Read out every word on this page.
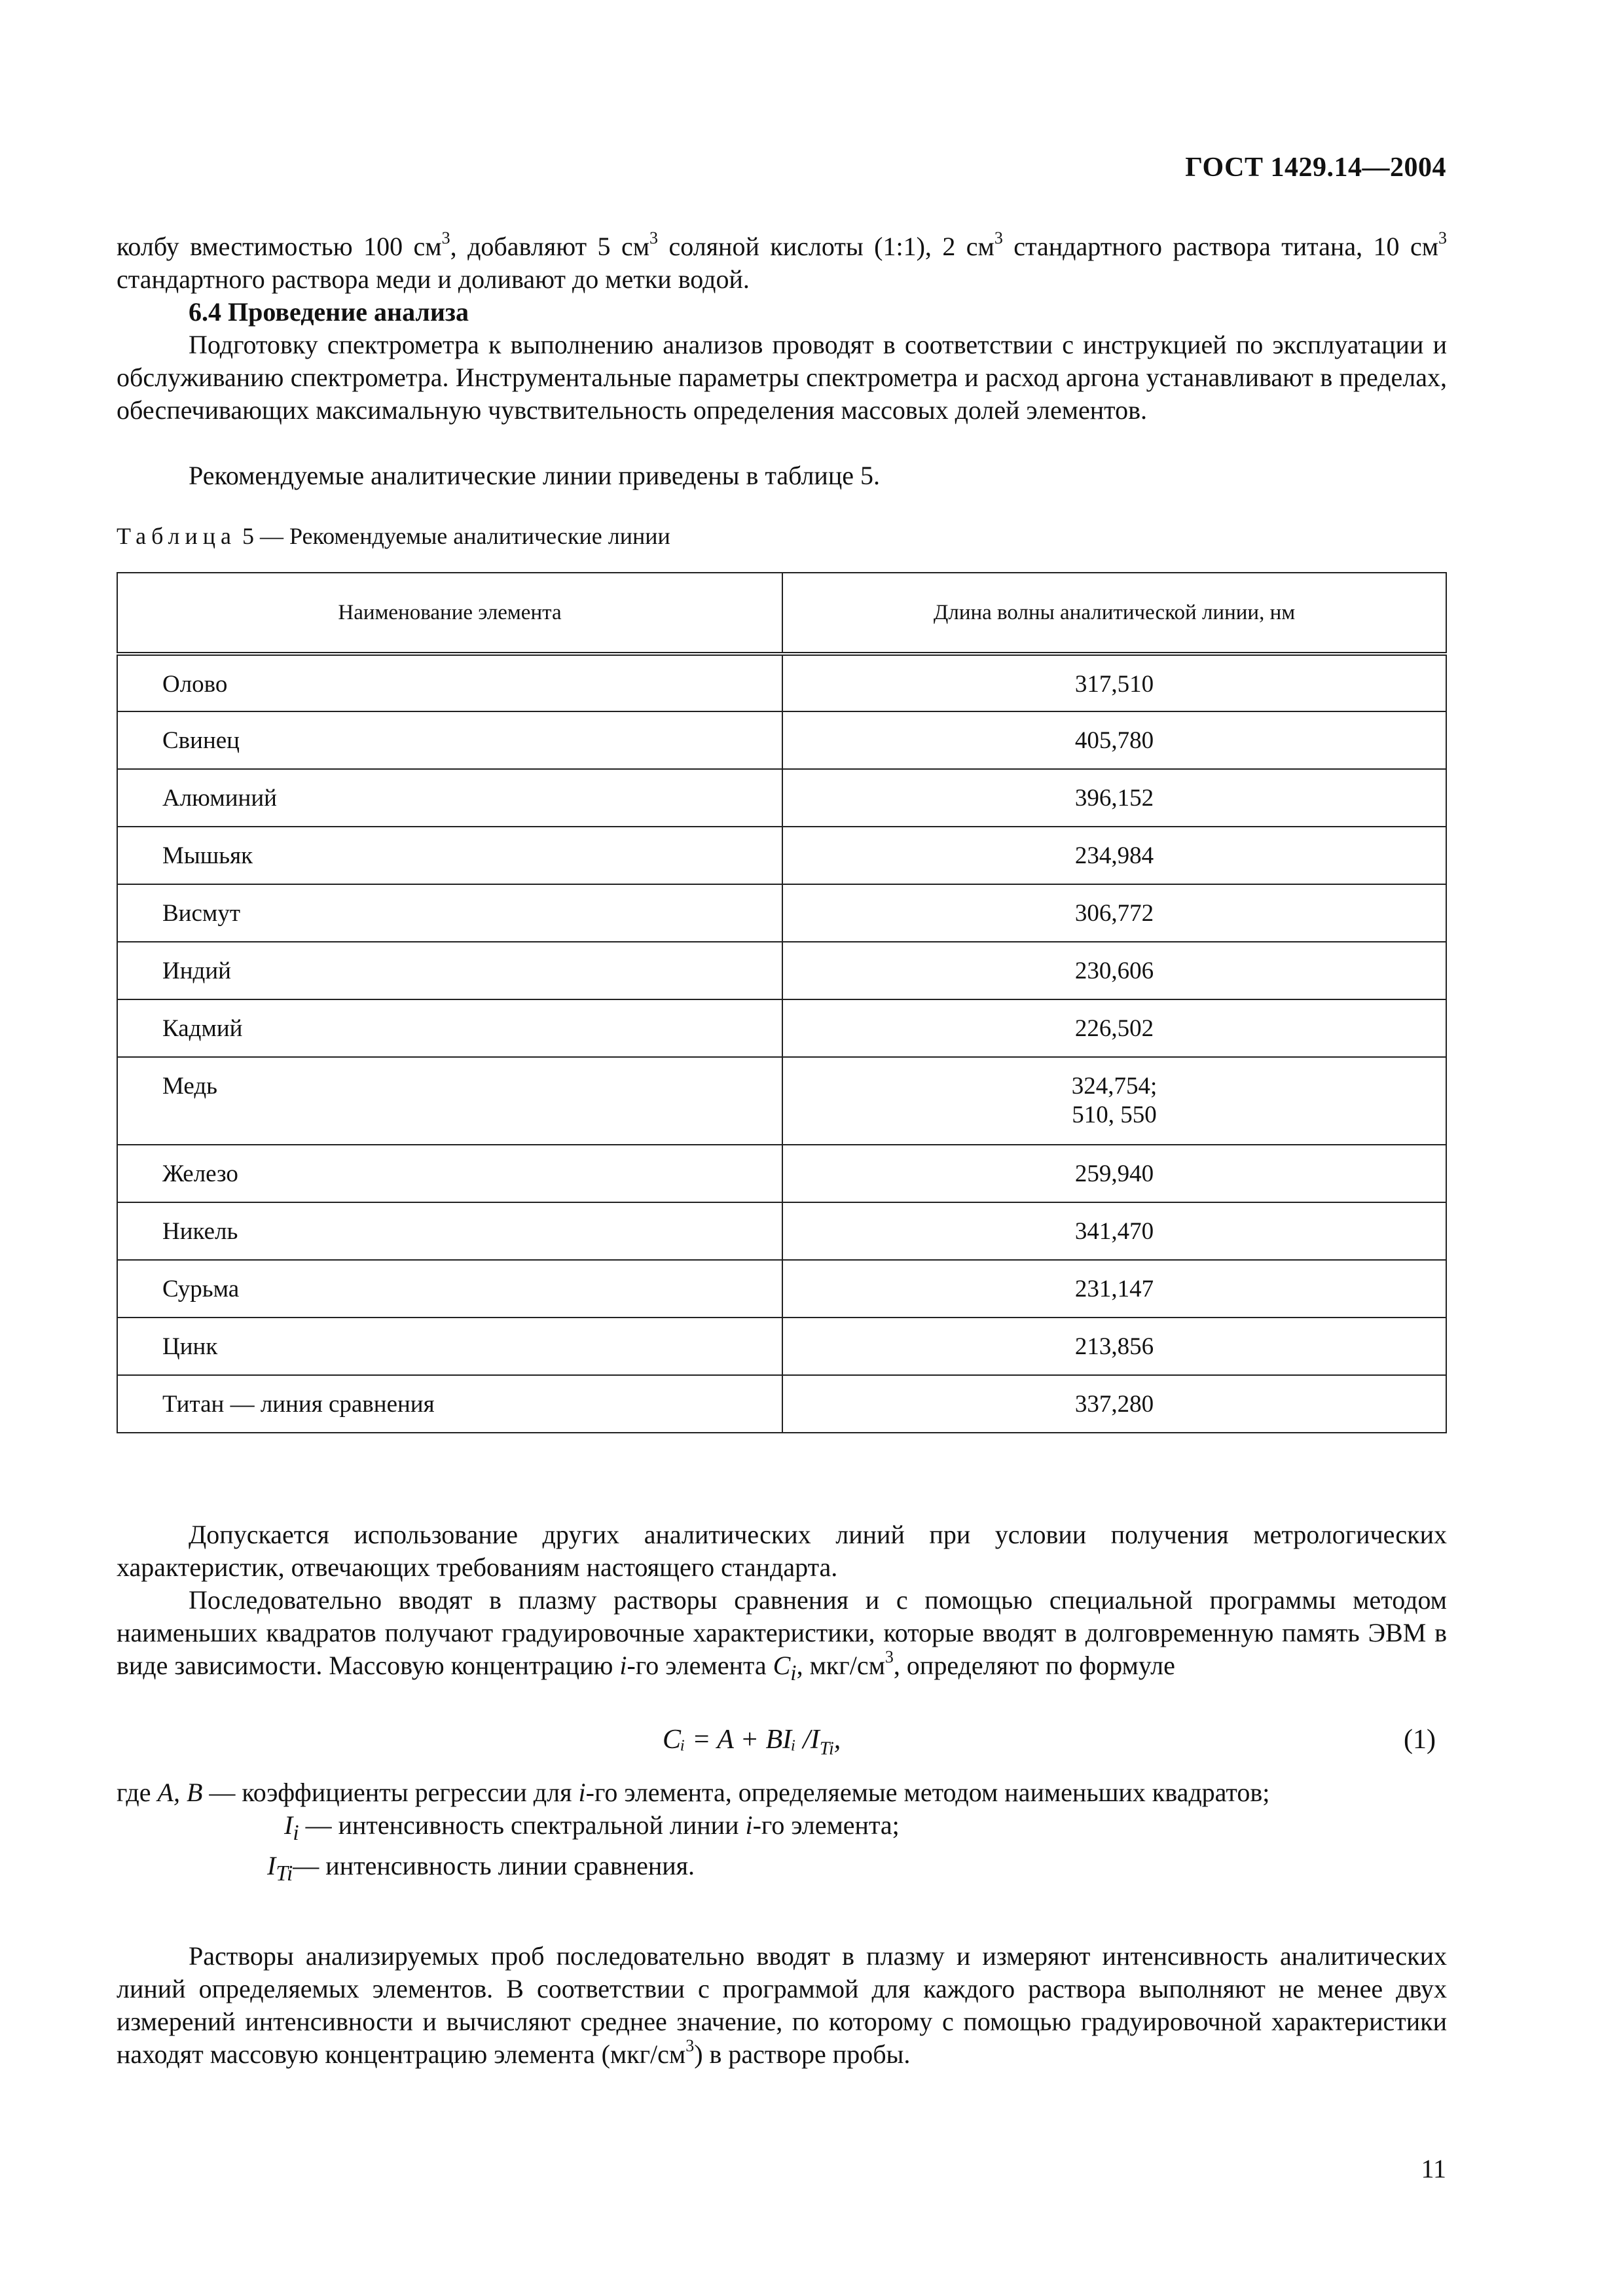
ГОСТ 1429.14—2004
колбу вместимостью 100 $см^3$, добавляют 5 $см^3$ соляной кислоты (1:1), 2 $см^3$ стандартного раствора титана, 10 $см^3$ стандартного раствора меди и доливают до метки водой.
6.4 Проведение анализа
Подготовку спектрометра к выполнению анализов проводят в соответствии с инструкцией по эксплуатации и обслуживанию спектрометра. Инструментальные параметры спектрометра и расход аргона устанавливают в пределах, обеспечивающих максимальную чувствительность определения массовых долей элементов.
Рекомендуемые аналитические линии приведены в таблице 5.
Таблица 5 — Рекомендуемые аналитические линии
Наименование элемента	Длина волны аналитической линии, нм
Олово	317,510
Свинец	405,780
Алюминий	396,152
Мышьяк	234,984
Висмут	306,772
Индий	230,606
Кадмий	226,502
Медь	324,754;
510, 550

Железо	259,940
Никель	341,470
Сурьма	231,147
Цинк	213,856
Титан — линия сравнения	337,280
Допускается использование других аналитических линий при условии получения метрологических характеристик, отвечающих требованиям настоящего стандарта.
Последовательно вводят в плазму растворы сравнения и с помощью специальной программы методом наименьших квадратов получают градуировочные характеристики, которые вводят в долговременную память ЭВМ в виде зависимости. Массовую концентрацию i-го элемента $C_i$, мкг/$см^3$, определяют по формуле
Cᵢ = A + BIᵢ $/I_{Ti}$,	(1)
где A, B — коэффициенты регрессии для i-го элемента, определяемые методом наименьших квадратов;
$I_i$ — интенсивность спектральной линии i-го элемента;
$I_{Ti}—$ интенсивность линии сравнения.
Растворы анализируемых проб последовательно вводят в плазму и измеряют интенсивность аналитических линий определяемых элементов. В соответствии с программой для каждого раствора выполняют не менее двух измерений интенсивности и вычисляют среднее значение, по которому с помощью градуировочной характеристики находят массовую концентрацию элемента $(мкг/см^3)$ в растворе пробы.
11
